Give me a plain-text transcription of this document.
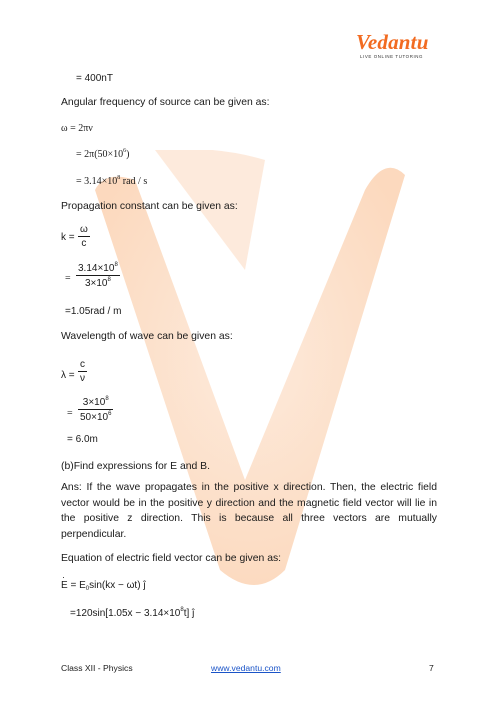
Vedantu
LIVE ONLINE TUTORING
= 400nT
Angular frequency of source can be given as:
ω = 2πν
= $2\pi(50\times 10^6)$
= $3.14\times 10^8$ rad / s
Propagation constant can be given as:
k =
ω
c
=
$3.14\times 10^8$
$3\times 10^8$
=1.05rad / m
Wavelength of wave can be given as:
λ =
c
ν
=
$3\times 10^8$
$50\times 10^6$
= 6.0m
(b)Find expressions for E and B.
Ans: If the wave propagates in the positive x direction. Then, the electric field vector would be in the positive y direction and the magnetic field vector will lie in the positive z direction. This is because all three vectors are mutually perpendicular.
Equation of electric field vector can be given as:
$E = E_0\sin(kx - \omega t)$ ĵ
·
$=120\sin[1.05x - 3.14\times 10^8t]$ ĵ
Class XII - Physics	www.vedantu.com	7
